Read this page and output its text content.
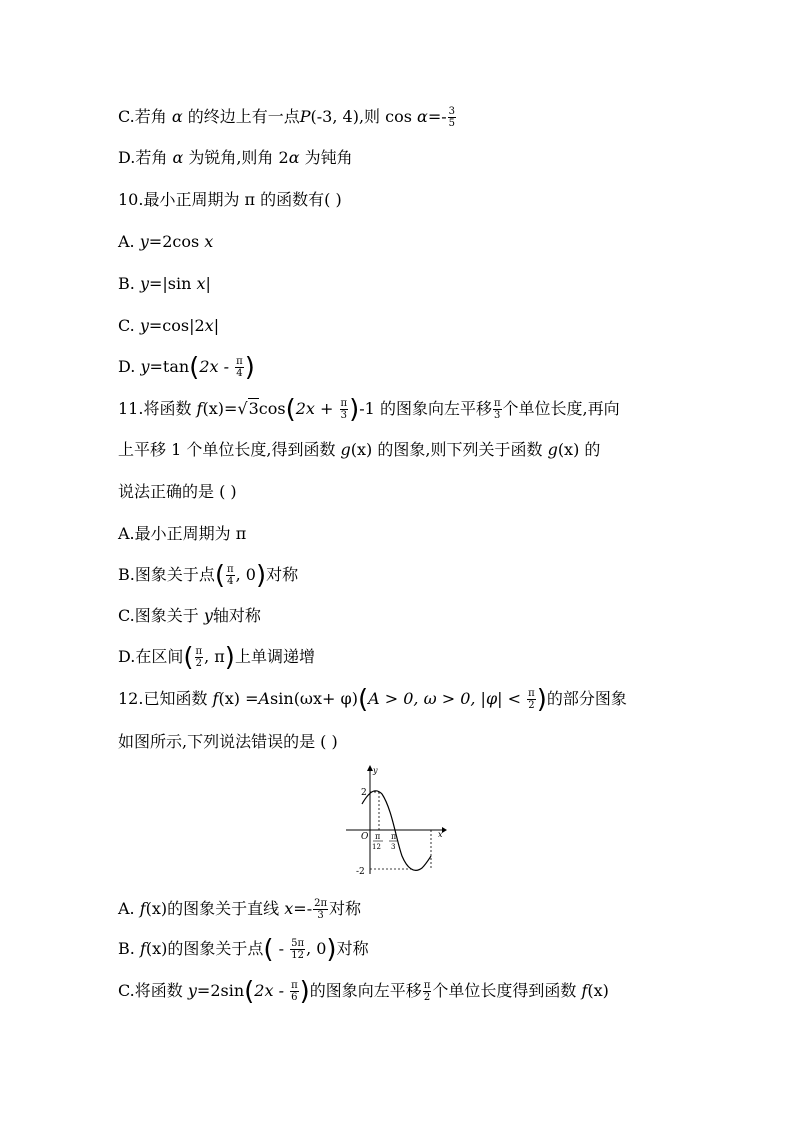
C.若角 α 的终边上有一点P(-3, 4),则 $\cos \alpha=- \frac{3}{5}$
D.若角 α 为锐角,则角 2α 为钝角
10.最小正周期为 π 的函数有( )
A. y=2cos x
B. y=|sin x|
C. y=cos|2x|
D. $y=\tan(2x - \frac{\pi}{4}$ )
11.将函数 $f(x)=√3\cos(2x + \frac{\pi}{3} )-1$ 的图象向左平移 $\frac{\pi}{3}$ 个单位长度,再向
上平移 1 个单位长度,得到函数 g(x) 的图象,则下列关于函数 g(x) 的
说法正确的是 ( )
A.最小正周期为 π
B.图象关于点( $\frac{\pi}{4}$ , 0)对称
C.图象关于 y轴对称
D.在区间( $\frac{\pi}{2}$ , π)上单调递增
12.已知函数 f(x) =Asin(ωx+ φ)(A > 0, ω > 0, $|\varphi| < \frac{\pi}{2}$ )的部分图象
如图所示,下列说法错误的是 ( )
y
x
O
2
-2
π
12
π
3
A. f(x)的图象关于直线 $x=- \frac{2\pi}{3}$ 对称
B. f(x)的图象关于点( - $\frac{5\pi}{12}$ , 0)对称
C.将函数 $y=2\sin(2x - \frac{\pi}{6}$ )的图象向左平移 $\frac{\pi}{2}$ 个单位长度得到函数 f(x)
